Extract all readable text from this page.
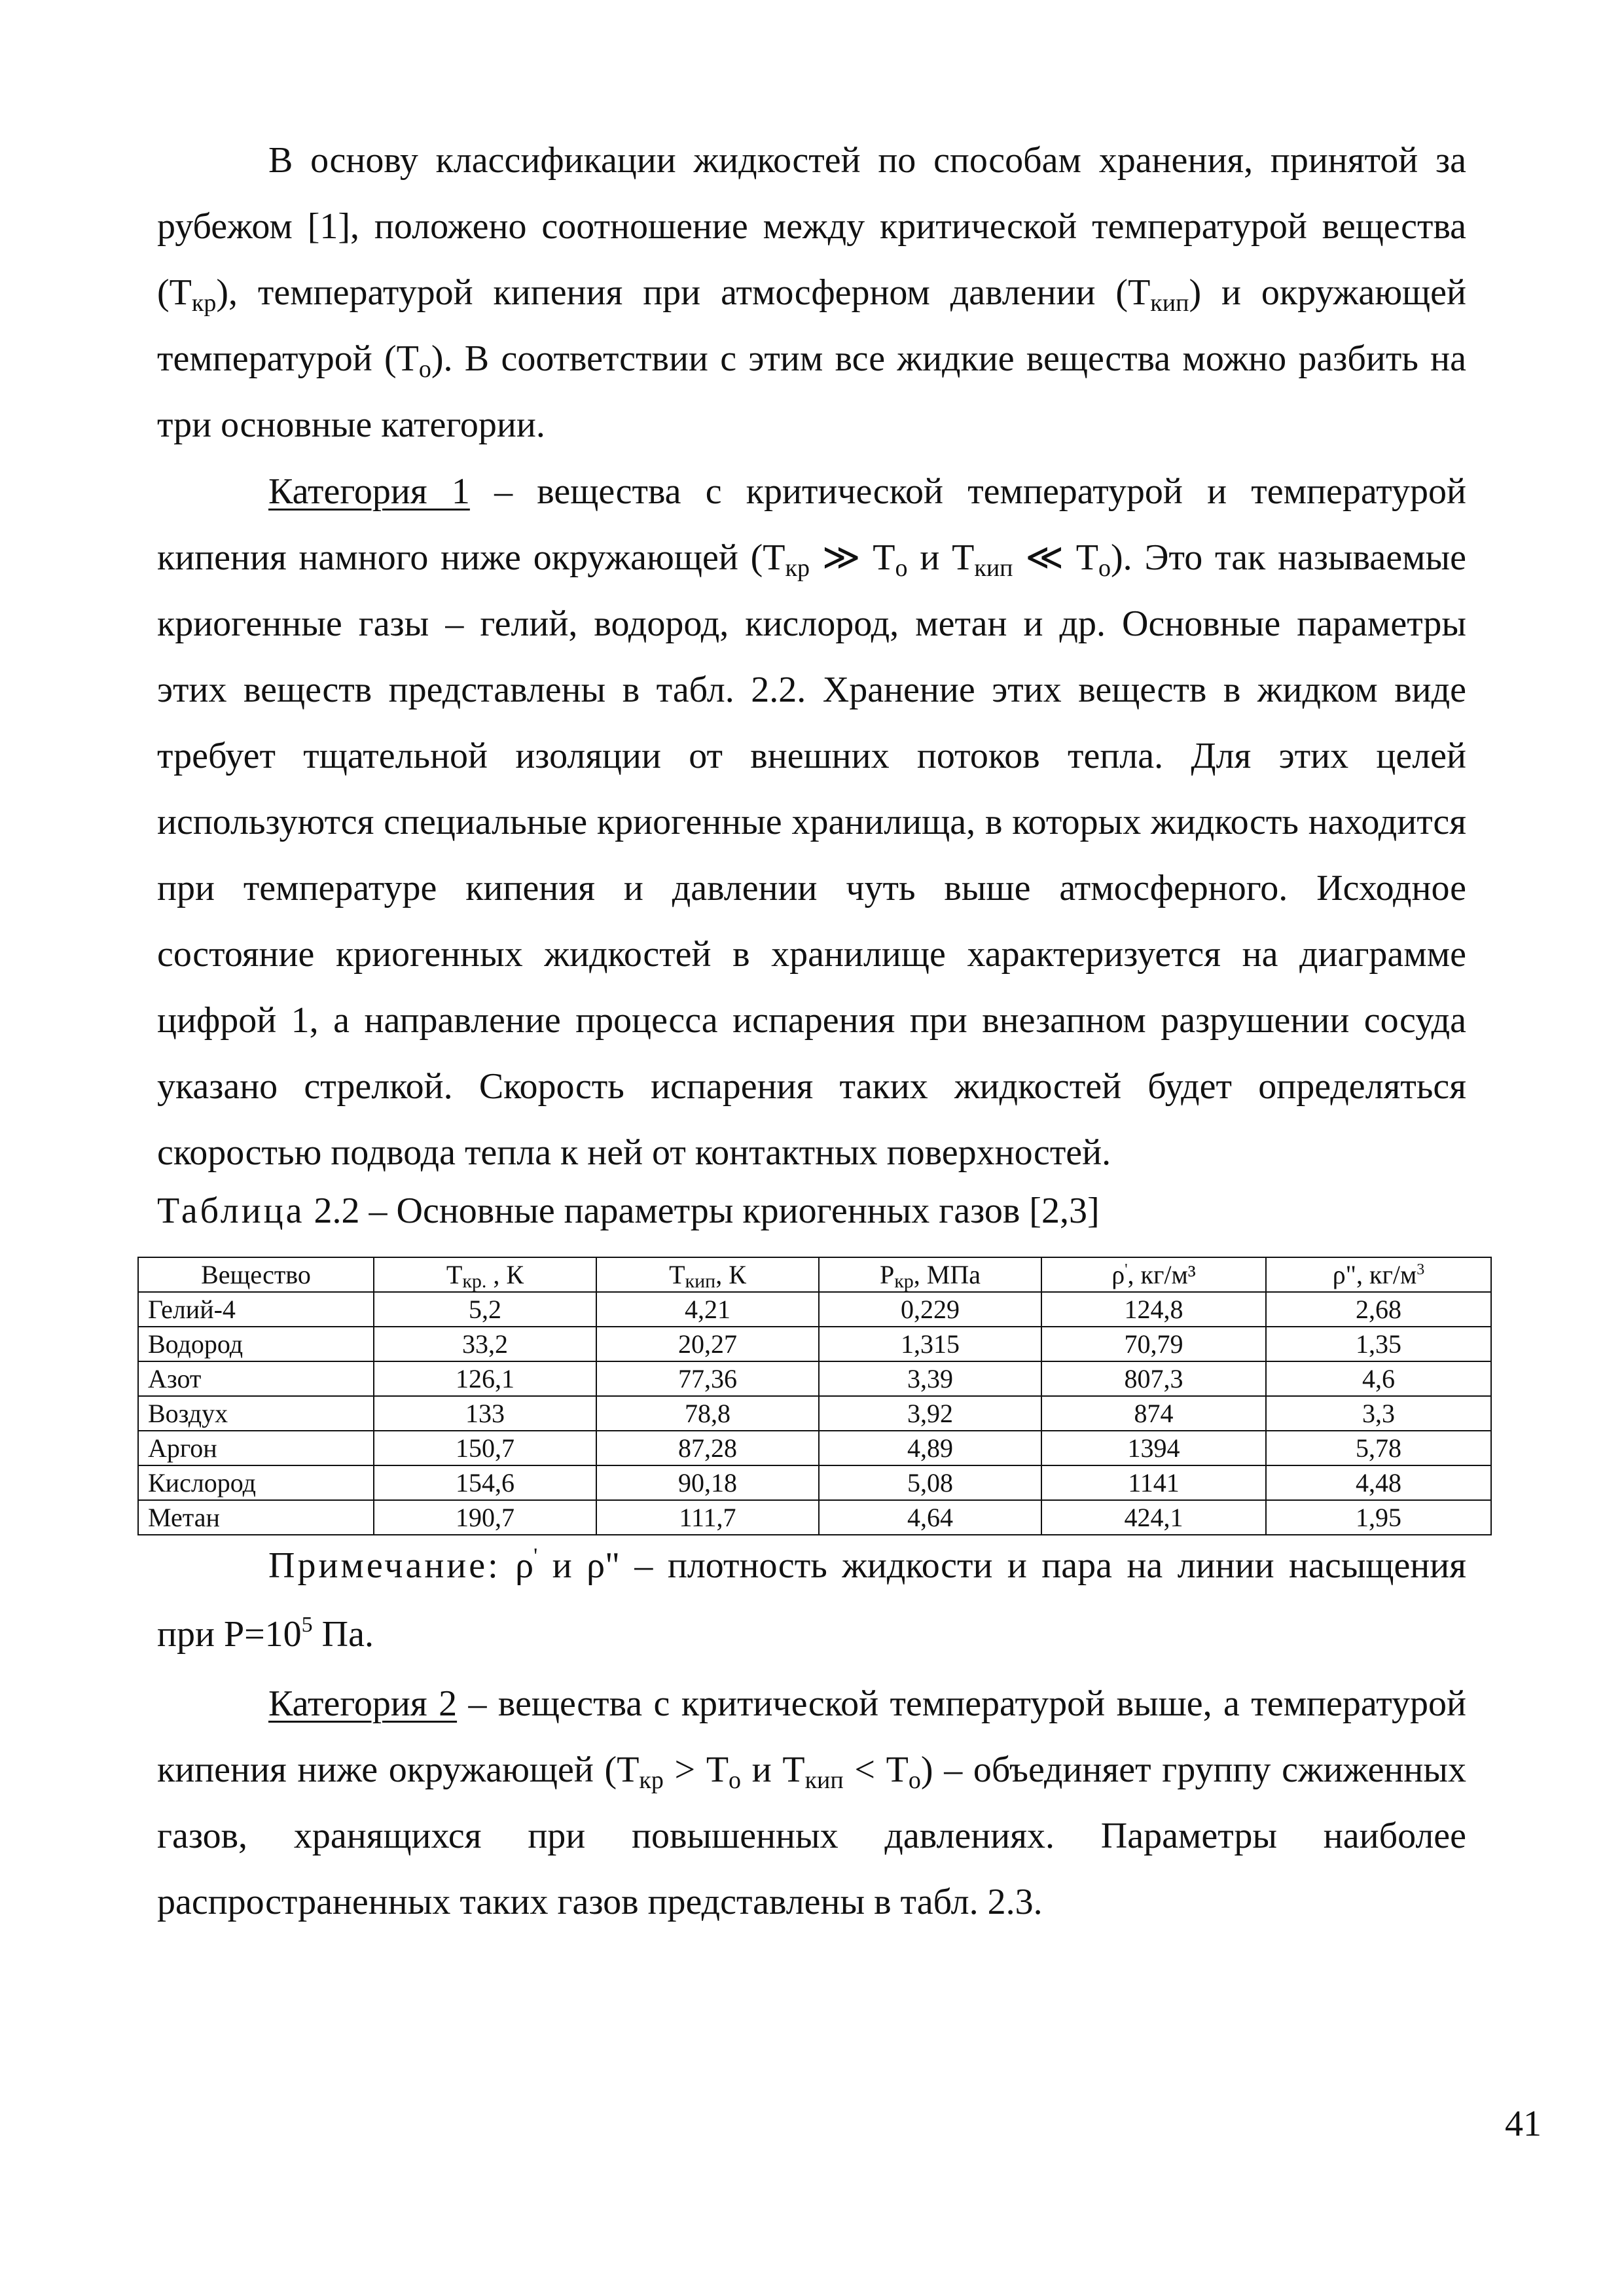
В основу классификации жидкостей по способам хранения, принятой за рубежом [1], положено соотношение между критической температурой вещества $(Т_{кр})$, температурой кипения при атмосферном давлении $(Т_{кип})$ и окружающей температурой $(Т_о)$. В соответствии с этим все жидкие вещества можно разбить на три основные категории.

Категория 1 – вещества с критической температурой и температурой кипения намного ниже окружающей ($Т_{кр}$ ≫ $Т_о$ и $Т_{кип}$ ≪ $Т_о$). Это так называемые криогенные газы – гелий, водород, кислород, метан и др. Основные параметры этих веществ представлены в табл. 2.2. Хранение этих веществ в жидком виде требует тщательной изоляции от внешних потоков тепла. Для этих целей используются специальные криогенные хранилища, в которых жидкость находится при температуре кипения и давлении чуть выше атмосферного. Исходное состояние криогенных жидкостей в хранилище характеризуется на диаграмме цифрой 1, а направление процесса испарения при внезапном разрушении сосуда указано стрелкой. Скорость испарения таких жидкостей будет определяться скоростью подвода тепла к ней от контактных поверхностей.

Таблица 2.2 – Основные параметры криогенных газов [2,3]

Вещество	Ткр. , К	Ткип, К	Ркр, МПа	ρ', кг/м³	ρ", $кг/м^3$
Гелий-4	5,2	4,21	0,229	124,8	2,68
Водород	33,2	20,27	1,315	70,79	1,35
Азот	126,1	77,36	3,39	807,3	4,6
Воздух	133	78,8	3,92	874	3,3
Аргон	150,7	87,28	4,89	1394	5,78
Кислород	154,6	90,18	5,08	1141	4,48
Метан	190,7	111,7	4,64	424,1	1,95

Примечание: ρ' и ρ" – плотность жидкости и пара на линии насыщения при $Р=10^5$ Па.

Категория 2 – вещества с критической температурой выше, а температурой кипения ниже окружающей ($Т_{кр} > Т_о$ и $Т_{кип} < Т_о$) – объединяет группу сжиженных газов, хранящихся при повышенных давлениях. Параметры наиболее распространенных таких газов представлены в табл. 2.3.

41
